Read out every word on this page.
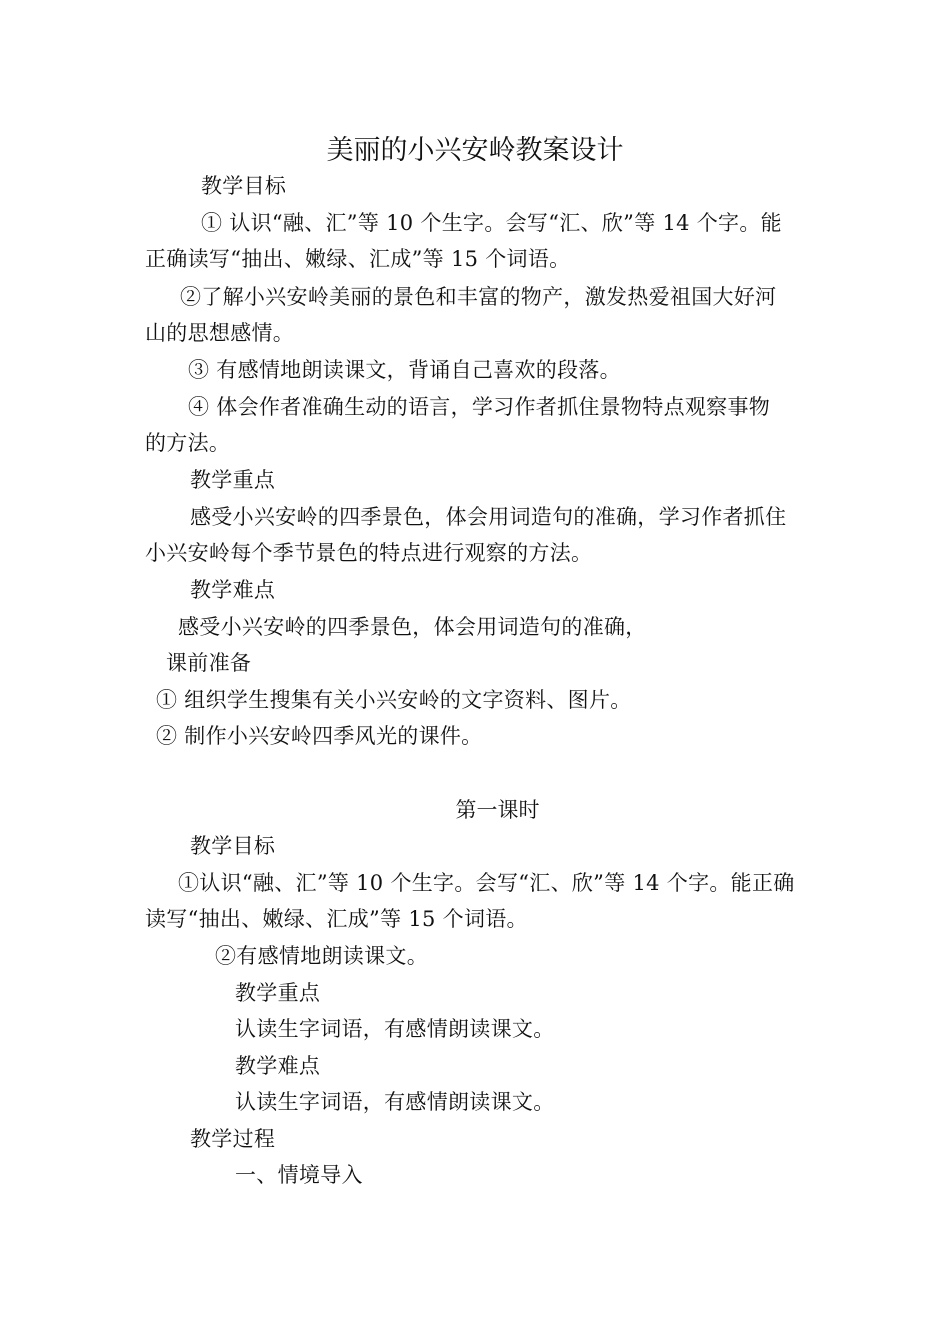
美丽的小兴安岭教案设计
教学目标
① 认识“融、汇”等 10 个生字。会写“汇、欣”等 14 个字。能
正确读写“抽出、嫩绿、汇成”等 15 个词语。
②了解小兴安岭美丽的景色和丰富的物产，激发热爱祖国大好河
山的思想感情。
③ 有感情地朗读课文，背诵自己喜欢的段落。
④ 体会作者准确生动的语言，学习作者抓住景物特点观察事物
的方法。
教学重点
感受小兴安岭的四季景色，体会用词造句的准确，学习作者抓住
小兴安岭每个季节景色的特点进行观察的方法。
教学难点
感受小兴安岭的四季景色，体会用词造句的准确，
课前准备
① 组织学生搜集有关小兴安岭的文字资料、图片。
② 制作小兴安岭四季风光的课件。
第一课时
教学目标
①认识“融、汇”等 10 个生字。会写“汇、欣”等 14 个字。能正确
读写“抽出、嫩绿、汇成”等 15 个词语。
②有感情地朗读课文。
教学重点
认读生字词语，有感情朗读课文。
教学难点
认读生字词语，有感情朗读课文。
教学过程
一、情境导入
